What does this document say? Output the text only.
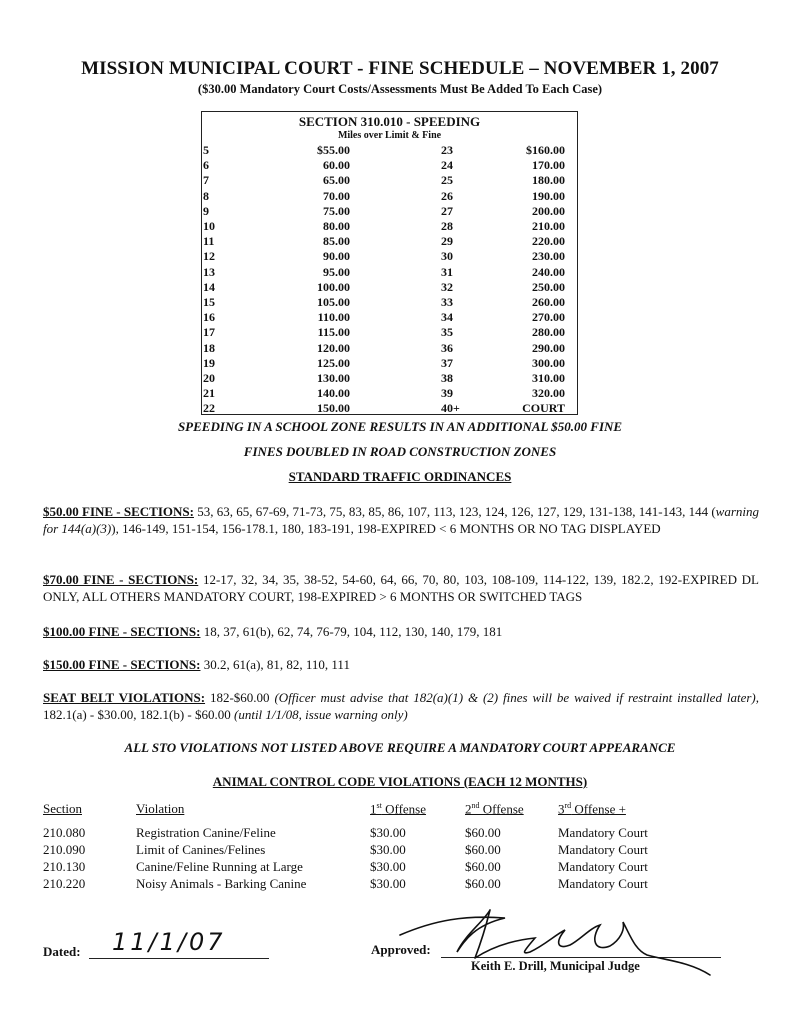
MISSION MUNICIPAL COURT - FINE SCHEDULE – NOVEMBER 1, 2007
($30.00 Mandatory Court Costs/Assessments Must Be Added To Each Case)
SECTION 310.010 - SPEEDING
Miles over Limit & Fine
5	$55.00	23	$160.00
6	60.00	24	170.00
7	65.00	25	180.00
8	70.00	26	190.00
9	75.00	27	200.00
10	80.00	28	210.00
11	85.00	29	220.00
12	90.00	30	230.00
13	95.00	31	240.00
14	100.00	32	250.00
15	105.00	33	260.00
16	110.00	34	270.00
17	115.00	35	280.00
18	120.00	36	290.00
19	125.00	37	300.00
20	130.00	38	310.00
21	140.00	39	320.00
22	150.00	40+	COURT
SPEEDING IN A SCHOOL ZONE RESULTS IN AN ADDITIONAL $50.00 FINE
FINES DOUBLED IN ROAD CONSTRUCTION ZONES
STANDARD TRAFFIC ORDINANCES
$50.00 FINE - SECTIONS: 53, 63, 65, 67-69, 71-73, 75, 83, 85, 86, 107, 113, 123, 124, 126, 127, 129, 131-138, 141-143, 144 (warning for 144(a)(3)), 146-149, 151-154, 156-178.1, 180, 183-191, 198-EXPIRED < 6 MONTHS OR NO TAG DISPLAYED
$70.00 FINE - SECTIONS: 12-17, 32, 34, 35, 38-52, 54-60, 64, 66, 70, 80, 103, 108-109, 114-122, 139, 182.2, 192-EXPIRED DL ONLY, ALL OTHERS MANDATORY COURT, 198-EXPIRED > 6 MONTHS OR SWITCHED TAGS
$100.00 FINE - SECTIONS: 18, 37, 61(b), 62, 74, 76-79, 104, 112, 130, 140, 179, 181
$150.00 FINE - SECTIONS: 30.2, 61(a), 81, 82, 110, 111
SEAT BELT VIOLATIONS: 182-$60.00 (Officer must advise that 182(a)(1) & (2) fines will be waived if restraint installed later), 182.1(a) - $30.00, 182.1(b) - $60.00 (until 1/1/08, issue warning only)
ALL STO VIOLATIONS NOT LISTED ABOVE REQUIRE A MANDATORY COURT APPEARANCE
ANIMAL CONTROL CODE VIOLATIONS (EACH 12 MONTHS)
Section	Violation	1st Offense	2nd Offense	3rd Offense +
210.080	Registration Canine/Feline	$30.00	$60.00	Mandatory Court
210.090	Limit of Canines/Felines	$30.00	$60.00	Mandatory Court
210.130	Canine/Feline Running at Large	$30.00	$60.00	Mandatory Court
210.220	Noisy Animals - Barking Canine	$30.00	$60.00	Mandatory Court
Dated: 11/1/07	Approved:
Keith E. Drill, Municipal Judge
